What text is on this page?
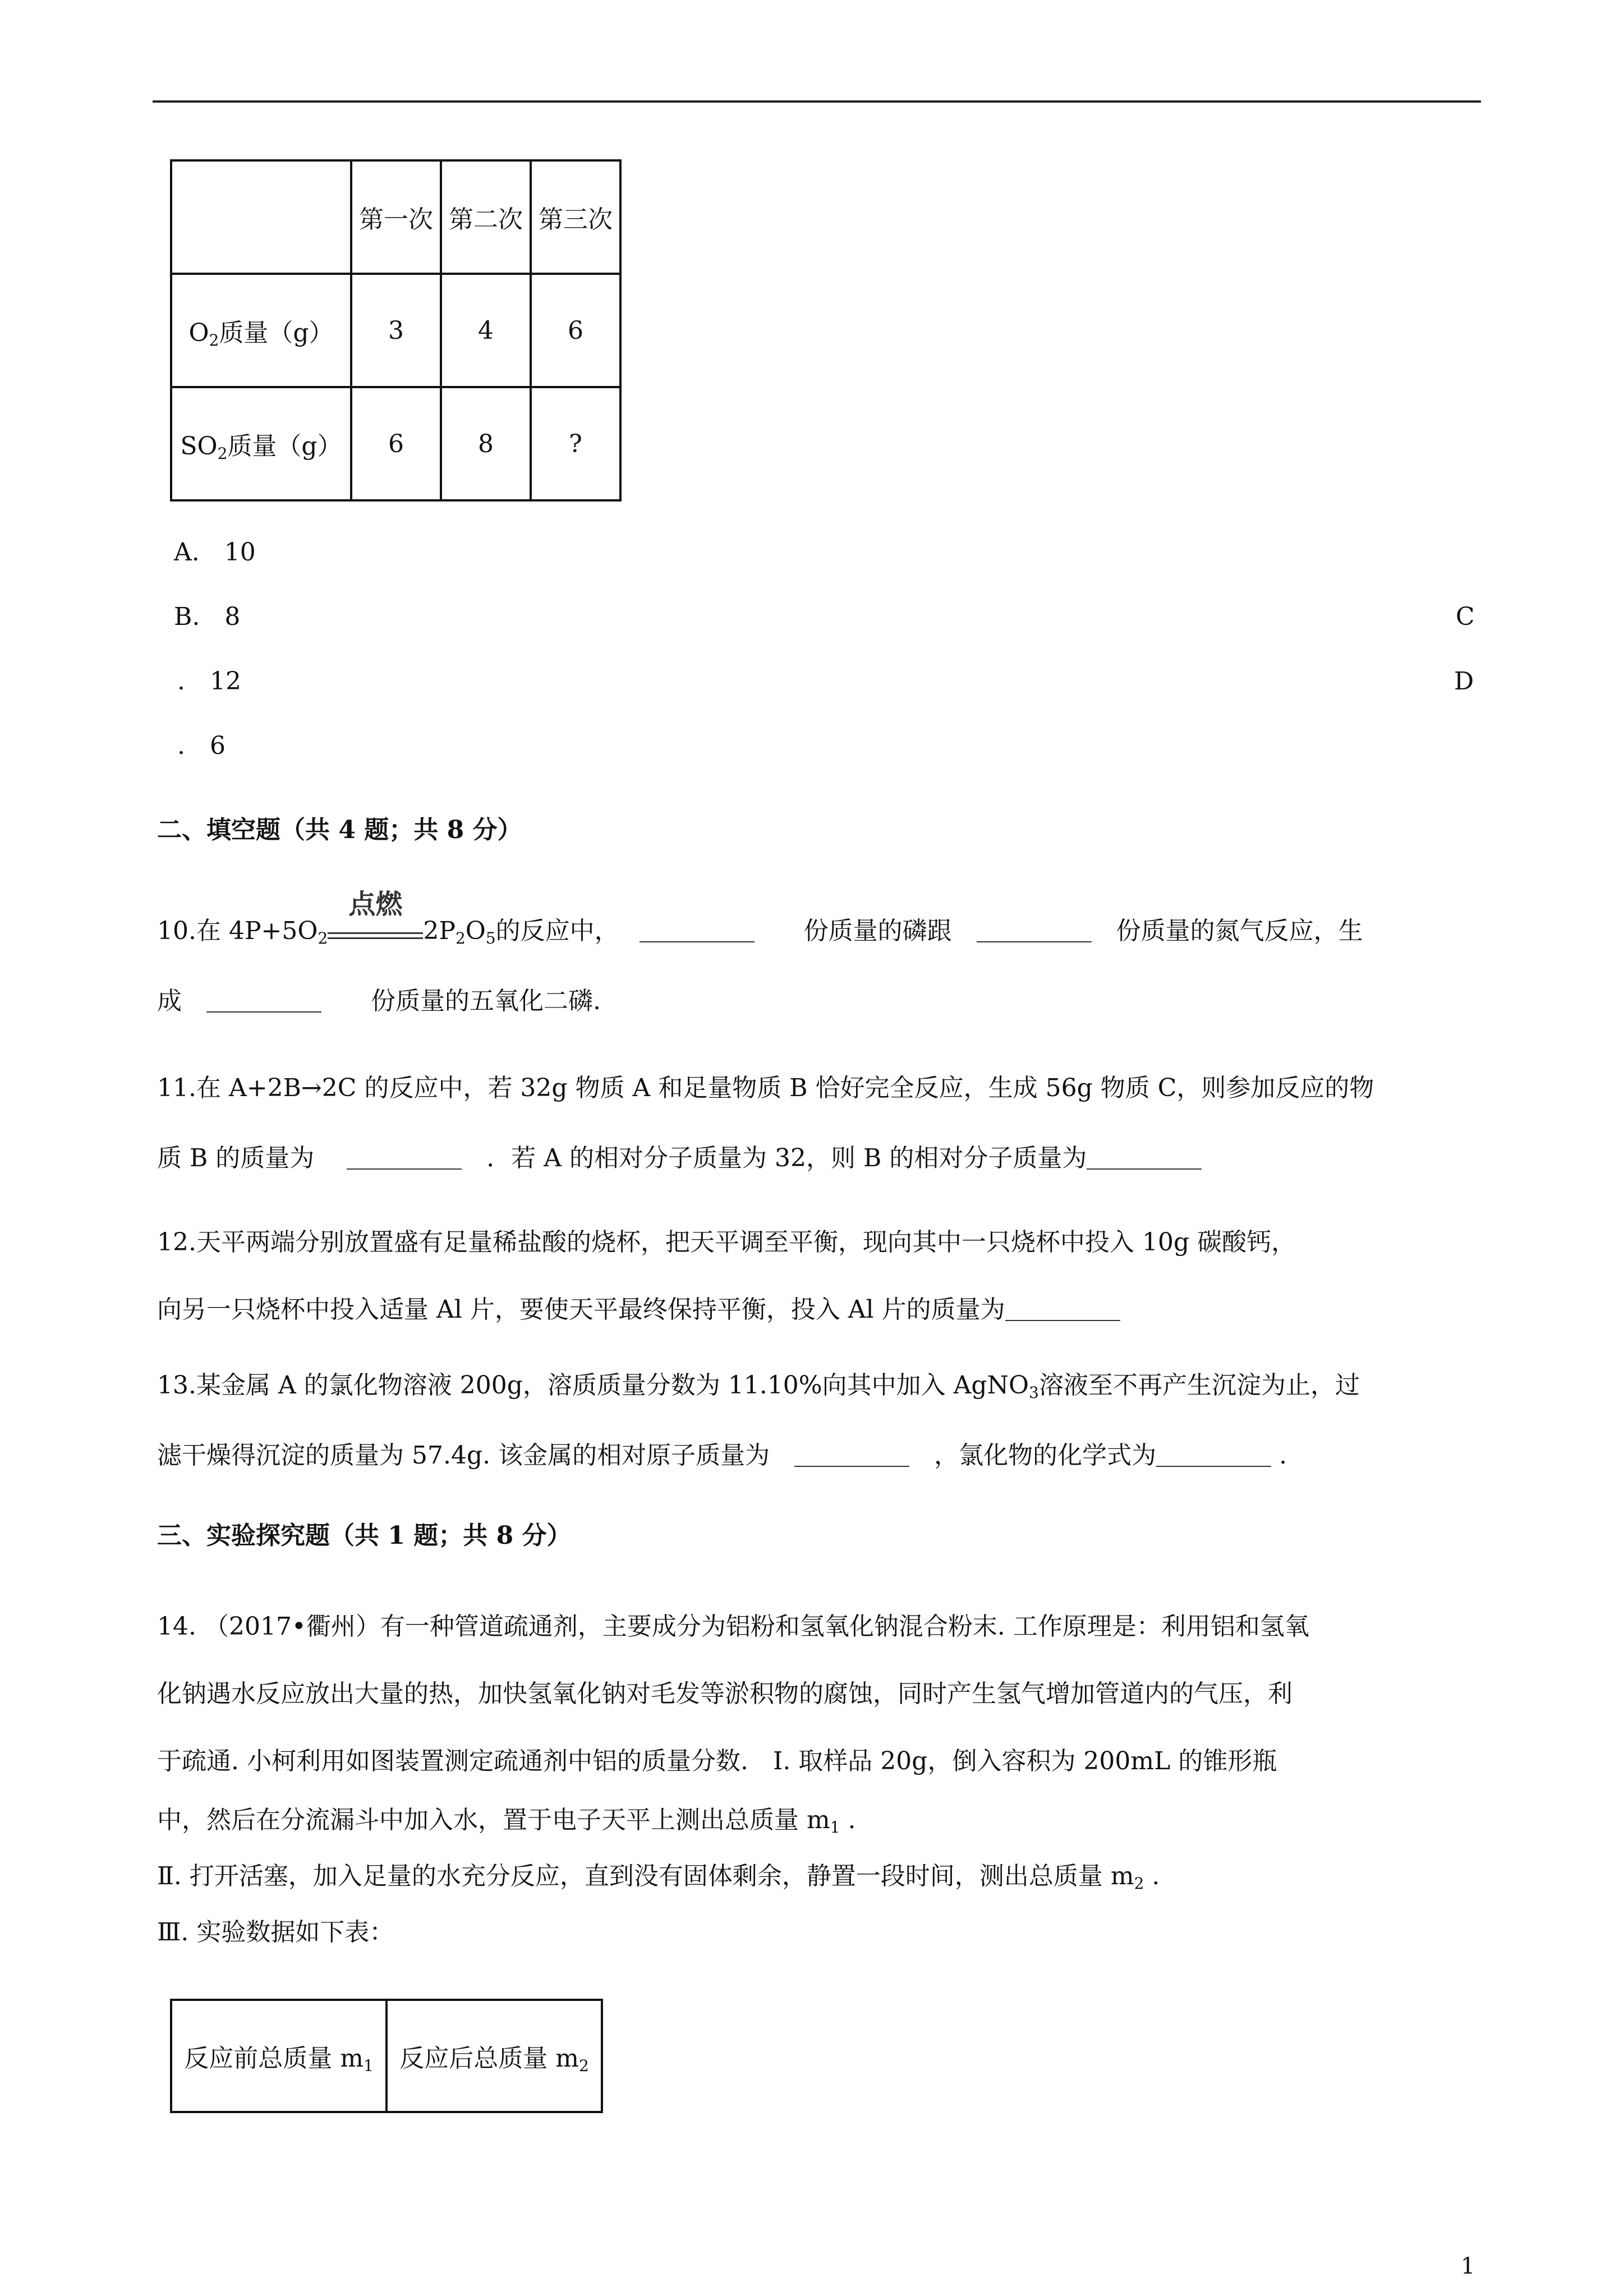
	第一次	第二次	第三次
$O_2$质量（g）	3	4	6
$SO_2$质量（g）	6	8	?
A.　 10
B.　 8	C
.　 12	D
.　 6
二、填空题（共 4 题；共 8 分）
10.在 $4P+5O_2$
点燃
$2P_2O_5$的反应中，　 　　	份质量的磷跟　　	份质量的氮气反应，生
成　　　	份质量的五氧化二磷.
11.在 A+2B→2C 的反应中，若 32g 物质 A 和足量物质 B 恰好完全反应，生成 56g 物质 C，则参加反应的物
质 B 的质量为　 　	．若 A 的相对分子质量为 32，则 B 的相对分子质量为
12.天平两端分别放置盛有足量稀盐酸的烧杯，把天平调至平衡，现向其中一只烧杯中投入 10g 碳酸钙，
向另一只烧杯中投入适量 Al 片，要使天平最终保持平衡，投入 Al 片的质量为
13.某金属 A 的氯化物溶液 200g，溶质质量分数为 11.10%向其中加入 AgNO$_3$溶液至不再产生沉淀为止，过
滤干燥得沉淀的质量为 57.4g. 该金属的相对原子质量为　　	，氯化物的化学式为	.
三、实验探究题（共 1 题；共 8 分）
14. （2017•衢州）有一种管道疏通剂，主要成分为铝粉和氢氧化钠混合粉末. 工作原理是：利用铝和氢氧
化钠遇水反应放出大量的热，加快氢氧化钠对毛发等淤积物的腐蚀，同时产生氢气增加管道内的气压，利
于疏通. 小柯利用如图装置测定疏通剂中铝的质量分数.　Ⅰ. 取样品 20g，倒入容积为 200mL 的锥形瓶
中，然后在分流漏斗中加入水，置于电子天平上测出总质量 $m_1$ .
Ⅱ. 打开活塞，加入足量的水充分反应，直到没有固体剩余，静置一段时间，测出总质量 $m_2$ .
Ⅲ. 实验数据如下表：
反应前总质量 $m_1$	反应后总质量 $m_2$
1
